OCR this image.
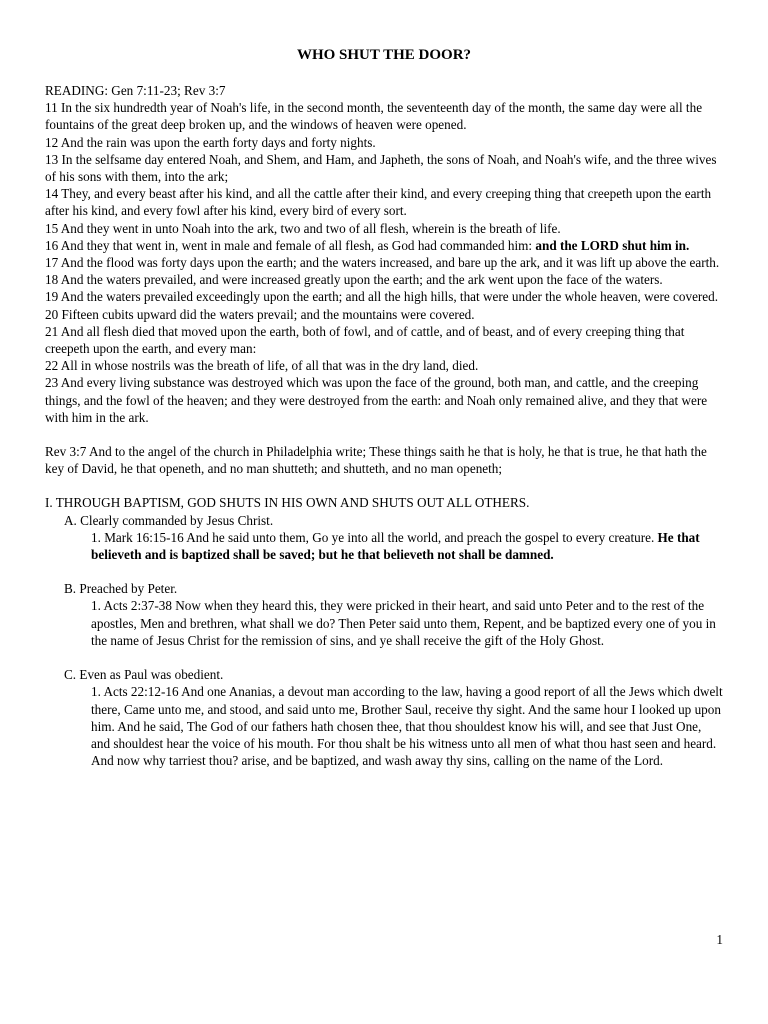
WHO SHUT THE DOOR?

READING: Gen 7:11-23; Rev 3:7

11 In the six hundredth year of Noah's life, in the second month, the seventeenth day of the month, the same day were all the fountains of the great deep broken up, and the windows of heaven were opened.

12 And the rain was upon the earth forty days and forty nights.

13 In the selfsame day entered Noah, and Shem, and Ham, and Japheth, the sons of Noah, and Noah's wife, and the three wives of his sons with them, into the ark;

14 They, and every beast after his kind, and all the cattle after their kind, and every creeping thing that creepeth upon the earth after his kind, and every fowl after his kind, every bird of every sort.

15 And they went in unto Noah into the ark, two and two of all flesh, wherein is the breath of life.

16 And they that went in, went in male and female of all flesh, as God had commanded him: and the LORD shut him in.

17 And the flood was forty days upon the earth; and the waters increased, and bare up the ark, and it was lift up above the earth.

18 And the waters prevailed, and were increased greatly upon the earth; and the ark went upon the face of the waters.

19 And the waters prevailed exceedingly upon the earth; and all the high hills, that were under the whole heaven, were covered.

20 Fifteen cubits upward did the waters prevail; and the mountains were covered.

21 And all flesh died that moved upon the earth, both of fowl, and of cattle, and of beast, and of every creeping thing that creepeth upon the earth, and every man:

22 All in whose nostrils was the breath of life, of all that was in the dry land, died.

23 And every living substance was destroyed which was upon the face of the ground, both man, and cattle, and the creeping things, and the fowl of the heaven; and they were destroyed from the earth: and Noah only remained alive, and they that were with him in the ark.

Rev 3:7 And to the angel of the church in Philadelphia write; These things saith he that is holy, he that is true, he that hath the key of David, he that openeth, and no man shutteth; and shutteth, and no man openeth;

I. THROUGH BAPTISM, GOD SHUTS IN HIS OWN AND SHUTS OUT ALL OTHERS.

A. Clearly commanded by Jesus Christ.

1. Mark 16:15-16 And he said unto them, Go ye into all the world, and preach the gospel to every creature. He that believeth and is baptized shall be saved; but he that believeth not shall be damned.

B. Preached by Peter.

1. Acts 2:37-38 Now when they heard this, they were pricked in their heart, and said unto Peter and to the rest of the apostles, Men and brethren, what shall we do? Then Peter said unto them, Repent, and be baptized every one of you in the name of Jesus Christ for the remission of sins, and ye shall receive the gift of the Holy Ghost.

C. Even as Paul was obedient.

1. Acts 22:12-16 And one Ananias, a devout man according to the law, having a good report of all the Jews which dwelt there, Came unto me, and stood, and said unto me, Brother Saul, receive thy sight. And the same hour I looked up upon him. And he said, The God of our fathers hath chosen thee, that thou shouldest know his will, and see that Just One, and shouldest hear the voice of his mouth. For thou shalt be his witness unto all men of what thou hast seen and heard. And now why tarriest thou? arise, and be baptized, and wash away thy sins, calling on the name of the Lord.

1
